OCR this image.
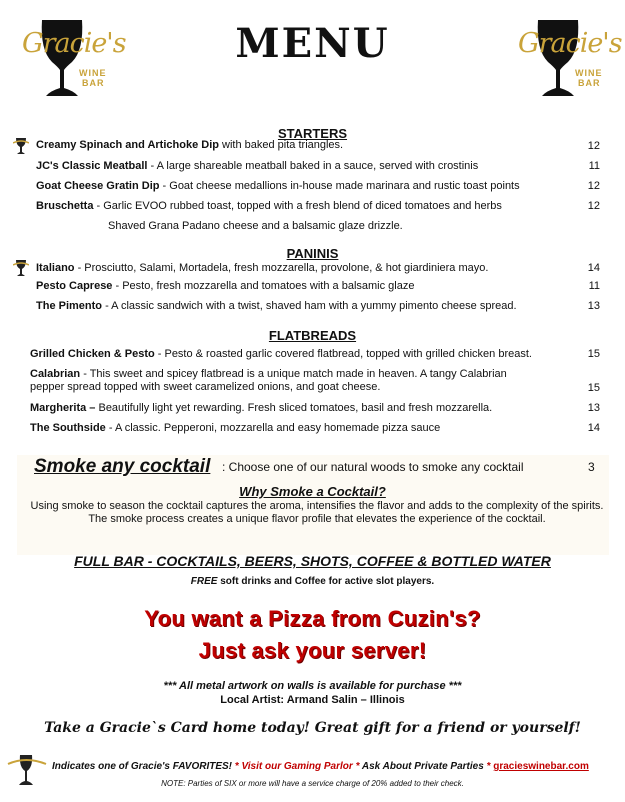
Gracie's
WINE
BAR
Gracie's
WINE
BAR
MENU
STARTERS
Creamy Spinach and Artichoke Dip with baked pita triangles.	12
JC's Classic Meatball - A large shareable meatball baked in a sauce, served with crostinis	11
Goat Cheese Gratin Dip - Goat cheese medallions in-house made marinara and rustic toast points	12
Bruschetta - Garlic EVOO rubbed toast, topped with a fresh blend of diced tomatoes and herbs	12
Shaved Grana Padano cheese and a balsamic glaze drizzle.
PANINIS
Italiano - Prosciutto, Salami, Mortadela, fresh mozzarella, provolone, & hot giardiniera mayo.	14
Pesto Caprese - Pesto, fresh mozzarella and tomatoes with a balsamic glaze	11
The Pimento - A classic sandwich with a twist, shaved ham with a yummy pimento cheese spread.	13
FLATBREADS
Grilled Chicken & Pesto - Pesto & roasted garlic covered flatbread, topped with grilled chicken breast.	15
Calabrian - This sweet and spicey flatbread is a unique match made in heaven. A tangy Calabrian
pepper spread topped with sweet caramelized onions, and goat cheese.	15
Margherita – Beautifully light yet rewarding. Fresh sliced tomatoes, basil and fresh mozzarella.	13
The Southside - A classic. Pepperoni, mozzarella and easy homemade pizza sauce	14
Smoke any cocktail : Choose one of our natural woods to smoke any cocktail	3
Why Smoke a Cocktail?
Using smoke to season the cocktail captures the aroma, intensifies the flavor and adds to the complexity of the spirits. The smoke process creates a unique flavor profile that elevates the experience of the cocktail.
FULL BAR - COCKTAILS, BEERS, SHOTS, COFFEE & BOTTLED WATER
FREE soft drinks and Coffee for active slot players.
You want a Pizza from Cuzin's?
Just ask your server!
*** All metal artwork on walls is available for purchase ***
Local Artist: Armand Salin – Illinois
Take a Gracie`s Card home today! Great gift for a friend or yourself!
Indicates one of Gracie's FAVORITES! * Visit our Gaming Parlor * Ask About Private Parties * gracieswinebar.com
NOTE: Parties of SIX or more will have a service charge of 20% added to their check.
